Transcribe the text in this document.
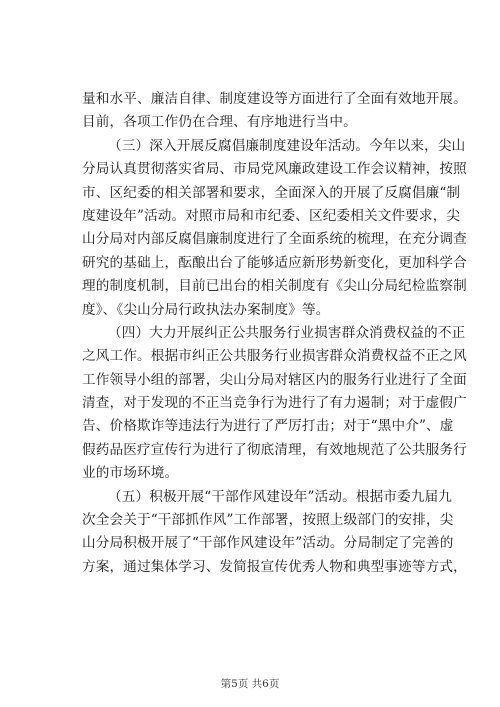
量和水平、廉洁自律、制度建设等方面进行了全面有效地开展。
目前，各项工作仍在合理、有序地进行当中。
（三）深入开展反腐倡廉制度建设年活动。今年以来，尖山
分局认真贯彻落实省局、市局党风廉政建设工作会议精神，按照
市、区纪委的相关部署和要求，全面深入的开展了反腐倡廉“制
度建设年”活动。对照市局和市纪委、区纪委相关文件要求，尖
山分局对内部反腐倡廉制度进行了全面系统的梳理，在充分调查
研究的基础上，酝酿出台了能够适应新形势新变化，更加科学合
理的制度机制，目前已出台的相关制度有《尖山分局纪检监察制
度》、《尖山分局行政执法办案制度》等。
（四）大力开展纠正公共服务行业损害群众消费权益的不正
之风工作。根据市纠正公共服务行业损害群众消费权益不正之风
工作领导小组的部署，尖山分局对辖区内的服务行业进行了全面
清查，对于发现的不正当竞争行为进行了有力遏制；对于虚假广
告、价格欺诈等违法行为进行了严厉打击；对于“黑中介”、虚
假药品医疗宣传行为进行了彻底清理，有效地规范了公共服务行
业的市场环境。
（五）积极开展“干部作风建设年”活动。根据市委九届九
次全会关于“干部抓作风”工作部署，按照上级部门的安排，尖
山分局积极开展了“干部作风建设年”活动。分局制定了完善的
方案，通过集体学习、发简报宣传优秀人物和典型事迹等方式，
第5页 共6页
